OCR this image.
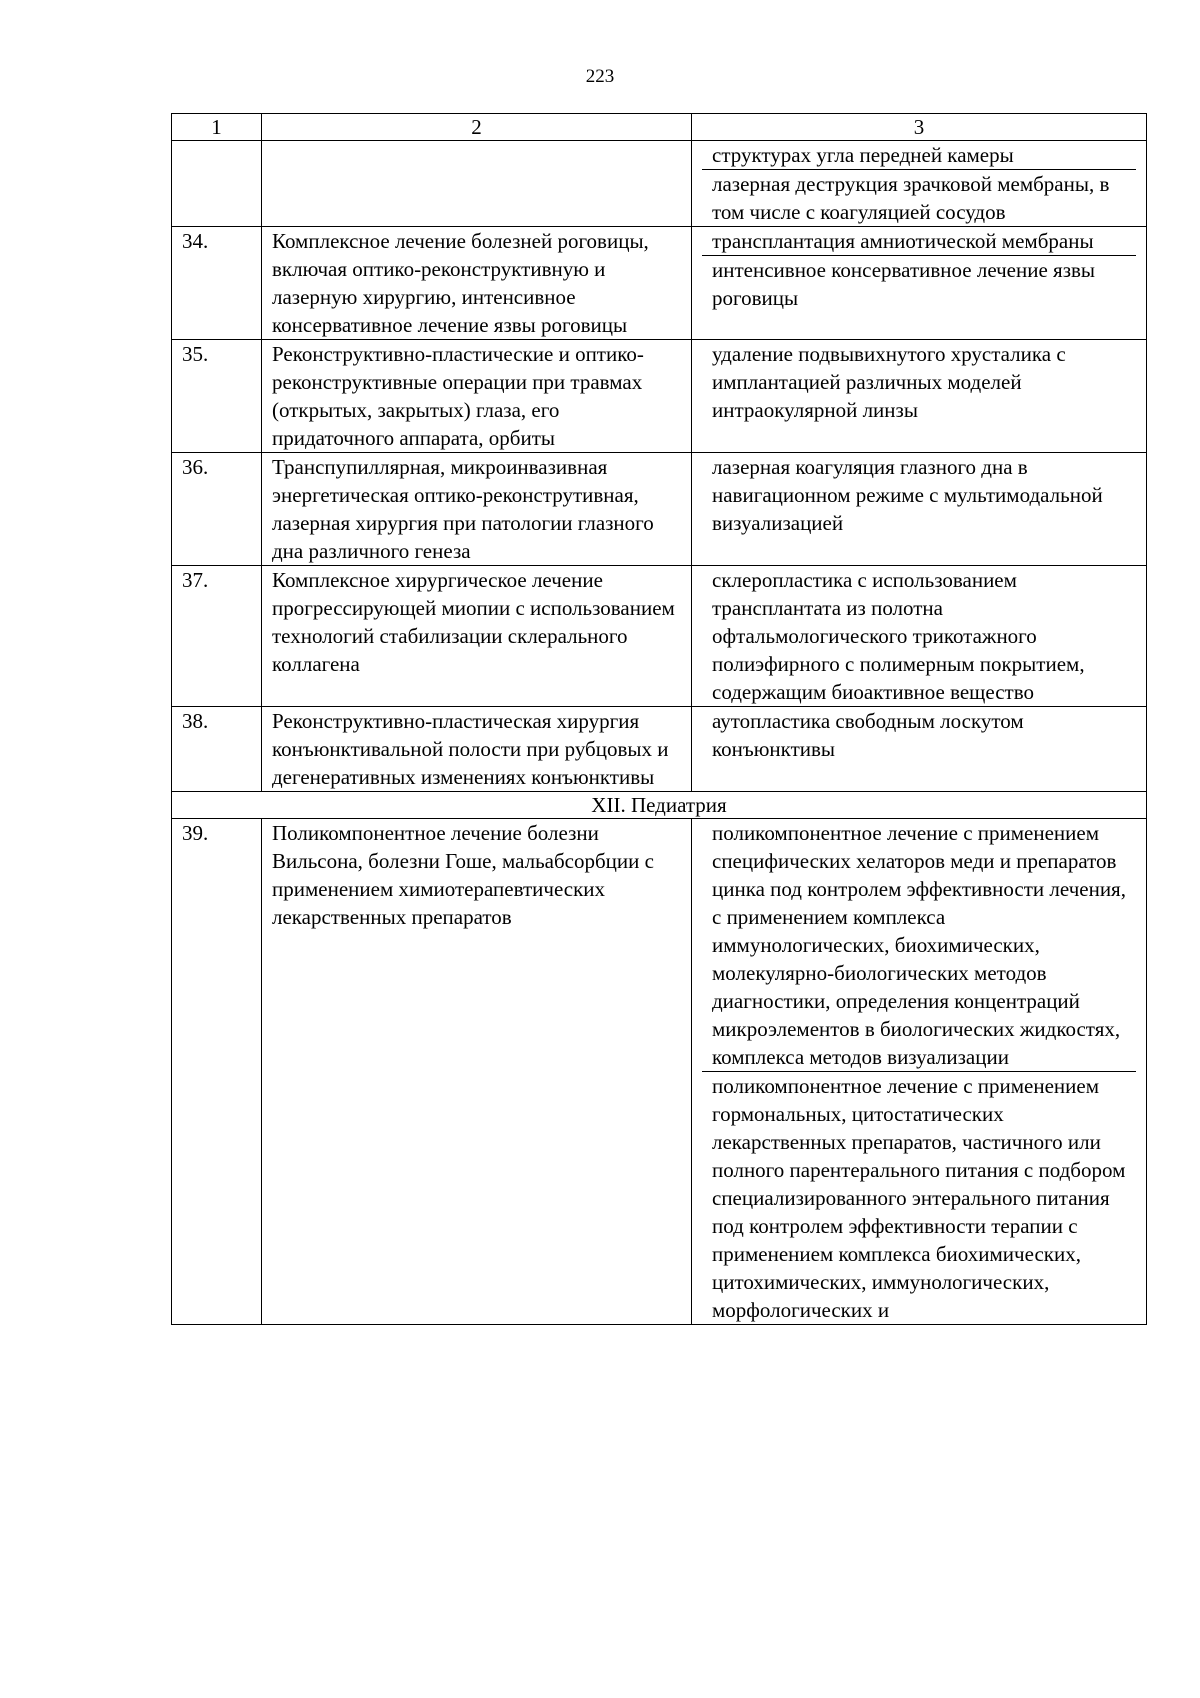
223
1	2	3

		структурах угла передней камеры
лазерная деструкция зрачковой мембраны, в том числе с коагуляцией сосудов

34.	Комплексное лечение болезней роговицы, включая оптико-реконструктивную и лазерную хирургию, интенсивное консервативное лечение язвы роговицы	трансплантация амниотической мембраны
интенсивное консервативное лечение язвы роговицы

35.	Реконструктивно-пластические и оптико-реконструктивные операции при травмах (открытых, закрытых) глаза, его придаточного аппарата, орбиты	удаление подвывихнутого хрусталика с имплантацией различных моделей интраокулярной линзы

36.	Транспупиллярная, микроинвазивная энергетическая оптико-реконструтивная, лазерная хирургия при патологии глазного дна различного генеза	лазерная коагуляция глазного дна в навигационном режиме с мультимодальной визуализацией

37.	Комплексное хирургическое лечение прогрессирующей миопии с использованием технологий стабилизации склерального коллагена	склеропластика с использованием трансплантата из полотна офтальмологического трикотажного полиэфирного с полимерным покрытием, содержащим биоактивное вещество

38.	Реконструктивно-пластическая хирургия конъюнктивальной полости при рубцовых и дегенеративных изменениях конъюнктивы	аутопластика свободным лоскутом конъюнктивы

XII. Педиатрия		
39.	Поликомпонентное лечение болезни Вильсона, болезни Гоше, мальабсорбции с применением химиотерапевтических лекарственных препаратов	поликомпонентное лечение с применением специфических хелаторов меди и препаратов цинка под контролем эффективности лечения, с применением комплекса иммунологических, биохимических, молекулярно-биологических методов диагностики, определения концентраций микроэлементов в биологических жидкостях, комплекса методов визуализации
поликомпонентное лечение с применением гормональных, цитостатических лекарственных препаратов, частичного или полного парентерального питания с подбором специализированного энтерального питания под контролем эффективности терапии с применением комплекса биохимических, цитохимических, иммунологических, морфологических и
